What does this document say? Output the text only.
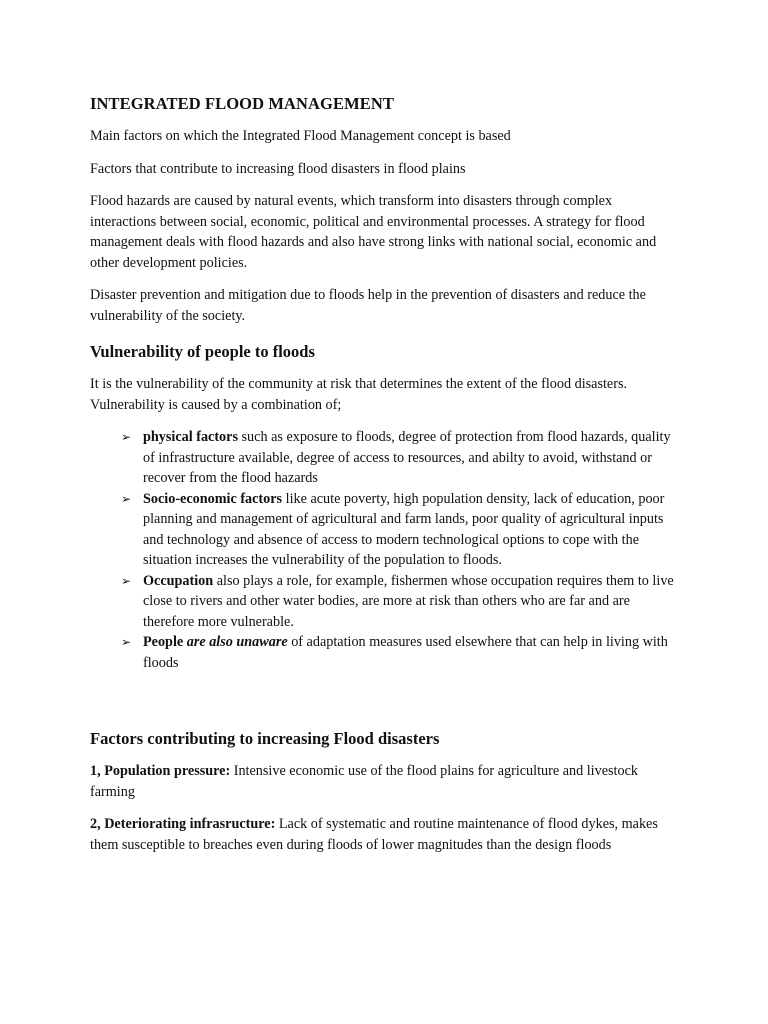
INTEGRATED FLOOD MANAGEMENT

Main factors on which the Integrated Flood Management concept is based

Factors that contribute to increasing flood disasters in flood plains

Flood hazards are caused by natural events, which transform into disasters through complex interactions between social, economic, political and environmental processes. A strategy for flood management deals with flood hazards and also have strong links with national social, economic and other development policies.

Disaster prevention and mitigation due to floods help in the prevention of disasters and reduce the vulnerability of the society.

Vulnerability of people to floods

It is the vulnerability of the community at risk that determines the extent of the flood disasters. Vulnerability is caused by a combination of;

➢ physical factors such as exposure to floods, degree of protection from flood hazards, quality of infrastructure available, degree of access to resources, and abilty to avoid, withstand or recover from the flood hazards
➢ Socio-economic factors like acute poverty, high population density, lack of education, poor planning and management of agricultural and farm lands, poor quality of agricultural inputs and technology and absence of access to modern technological options to cope with the situation increases the vulnerability of the population to floods.
➢ Occupation also plays a role, for example, fishermen whose occupation requires them to live close to rivers and other water bodies, are more at risk than others who are far and are therefore more vulnerable.
➢ People are also unaware of adaptation measures used elsewhere that can help in living with floods
Factors contributing to increasing Flood disasters

1, Population pressure: Intensive economic use of the flood plains for agriculture and livestock farming

2, Deteriorating infrasructure: Lack of systematic and routine maintenance of flood dykes, makes them susceptible to breaches even during floods of lower magnitudes than the design floods
